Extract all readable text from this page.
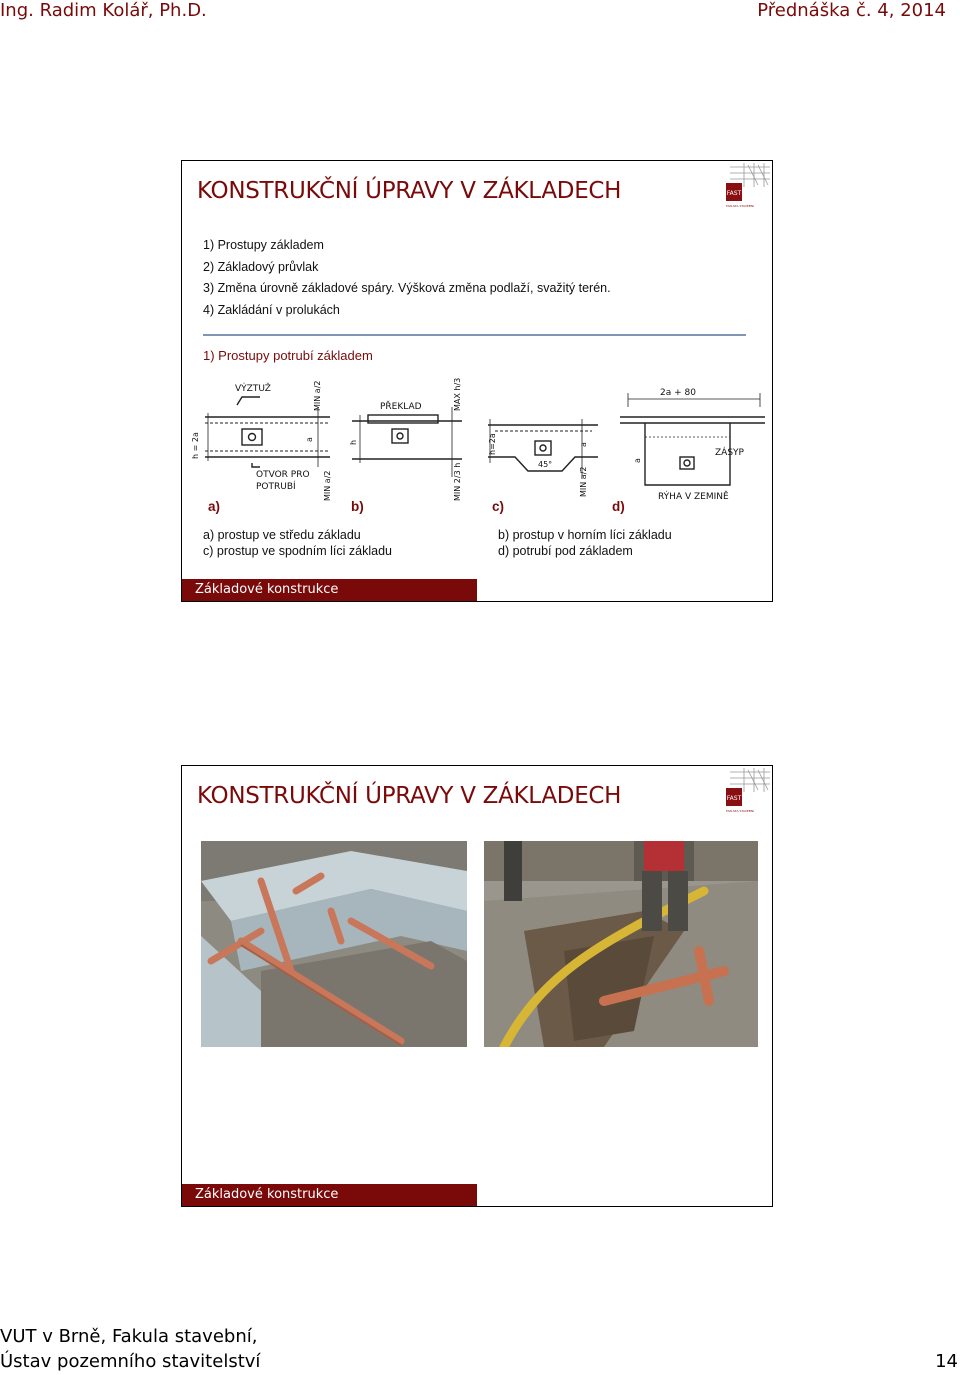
Ing. Radim Kolář, Ph.D.	Přednáška č. 4, 2014
KONSTRUKČNÍ ÚPRAVY V ZÁKLADECH	FAST
FAKULTA STAVEBNÍ
1) Prostupy základem
2) Základový průvlak
3) Změna úrovně základové spáry. Výšková změna podlaží, svažitý terén.
4) Zakládání v prolukách
1) Prostupy potrubí základem
VÝZTUŽ
OTVOR PRO
POTRUBÍ
h = 2a
MIN a/2
MIN a/2
a
PŘEKLAD	MAX h/3
MIN 2/3 h
h	h=2a
45°
a
MIN a/2
2a + 80
ZÁSYP
RÝHA V ZEMINĚ
a
a)	b)	c)	d)
a) prostup ve středu základu
c) prostup ve spodním líci základu
b) prostup v horním líci základu
d) potrubí pod základem
Základové konstrukce
KONSTRUKČNÍ ÚPRAVY V ZÁKLADECH	FAST
FAKULTA STAVEBNÍ
Základové konstrukce
VUT v Brně, Fakula stavební,
Ústav pozemního stavitelství	14
